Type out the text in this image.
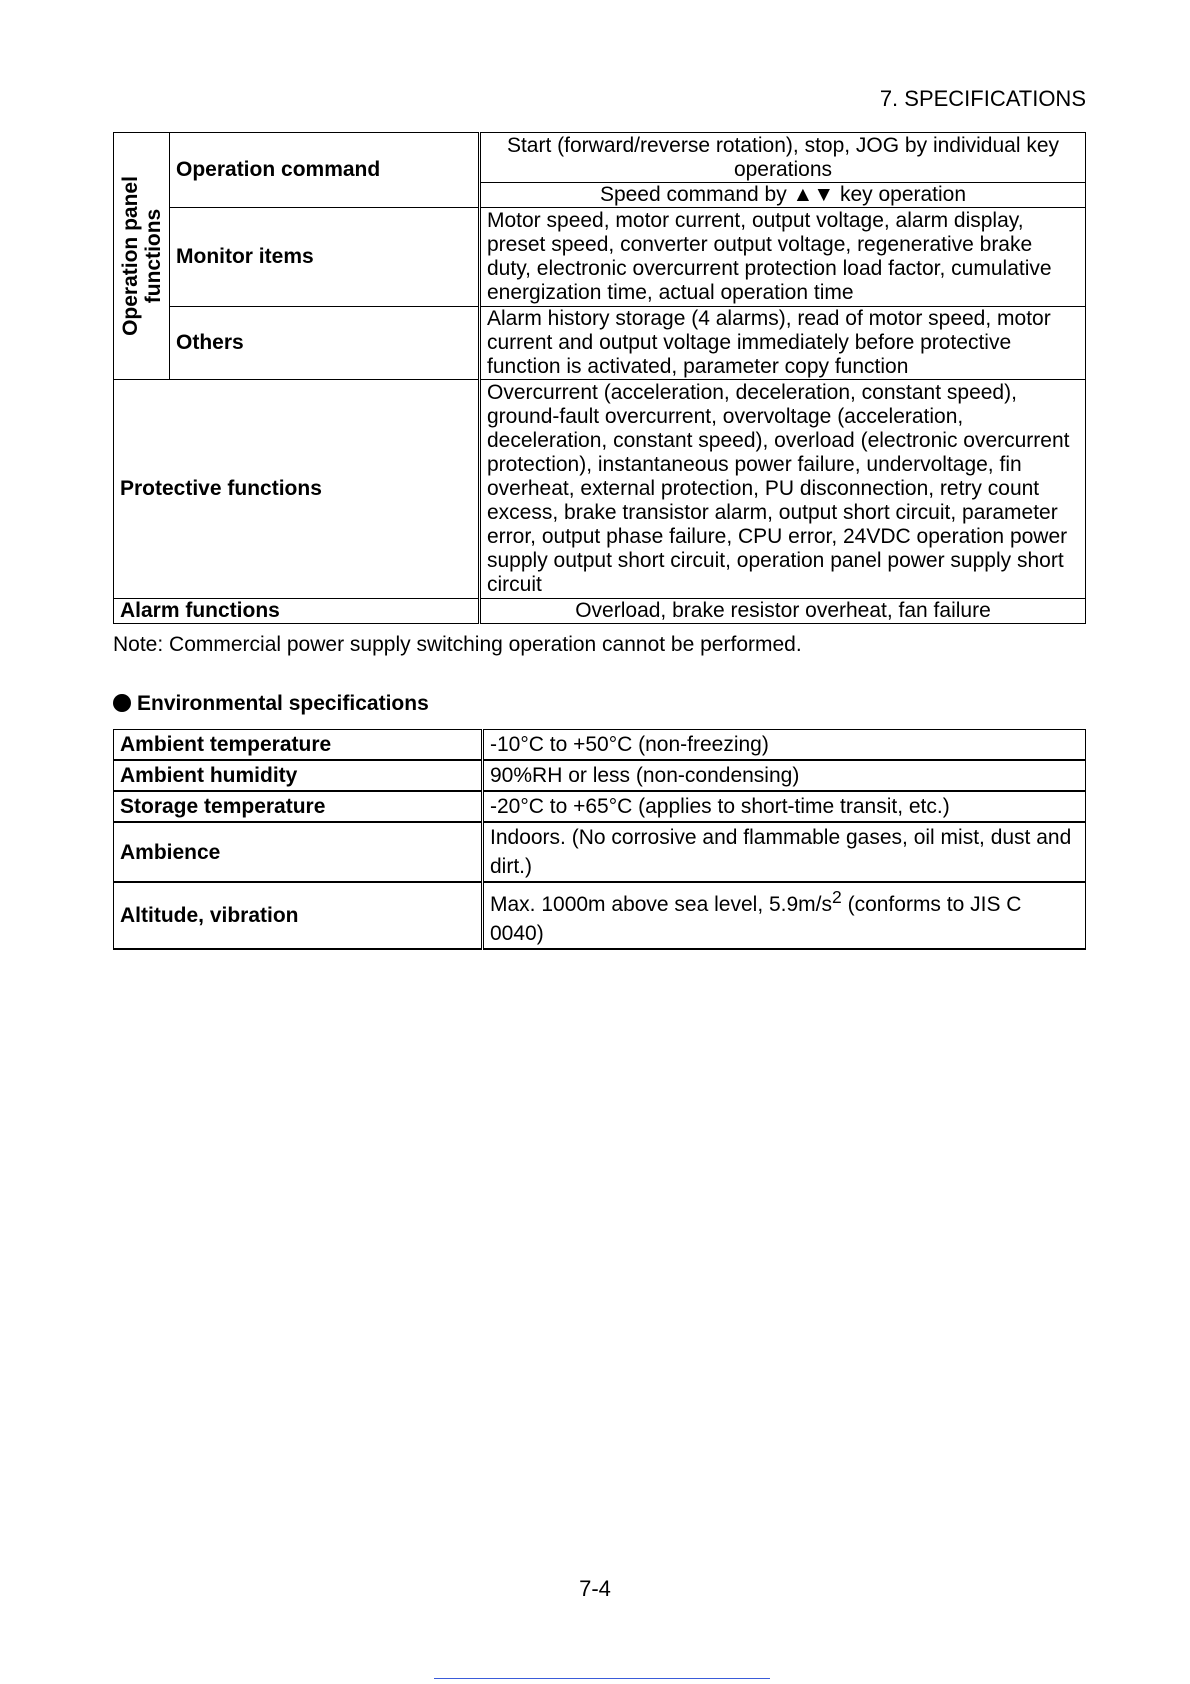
7. SPECIFICATIONS
Operation panel functions	Operation command	Start (forward/reverse rotation), stop, JOG by individual key operations
		Speed command by ▲▼ key operation
	Monitor items	Motor speed, motor current, output voltage, alarm display, preset speed, converter output voltage, regenerative brake duty, electronic overcurrent protection load factor, cumulative energization time, actual operation time
	Others	Alarm history storage (4 alarms), read of motor speed, motor current and output voltage immediately before protective function is activated, parameter copy function
Protective functions		Overcurrent (acceleration, deceleration, constant speed), ground-fault overcurrent, overvoltage (acceleration, deceleration, constant speed), overload (electronic overcurrent protection), instantaneous power failure, undervoltage, fin overheat, external protection, PU disconnection, retry count excess, brake transistor alarm, output short circuit, parameter error, output phase failure, CPU error, 24VDC operation power supply output short circuit, operation panel power supply short circuit
Alarm functions		Overload, brake resistor overheat, fan failure
Note: Commercial power supply switching operation cannot be performed.
Environmental specifications
Ambient temperature	-10°C to +50°C (non-freezing)
Ambient humidity	90%RH or less (non-condensing)
Storage temperature	-20°C to +65°C (applies to short-time transit, etc.)
Ambience	Indoors. (No corrosive and flammable gases, oil mist, dust and dirt.)
Altitude, vibration	Max. 1000m above sea level, $5.9m/s^2$ (conforms to JIS C 0040)
7-4
